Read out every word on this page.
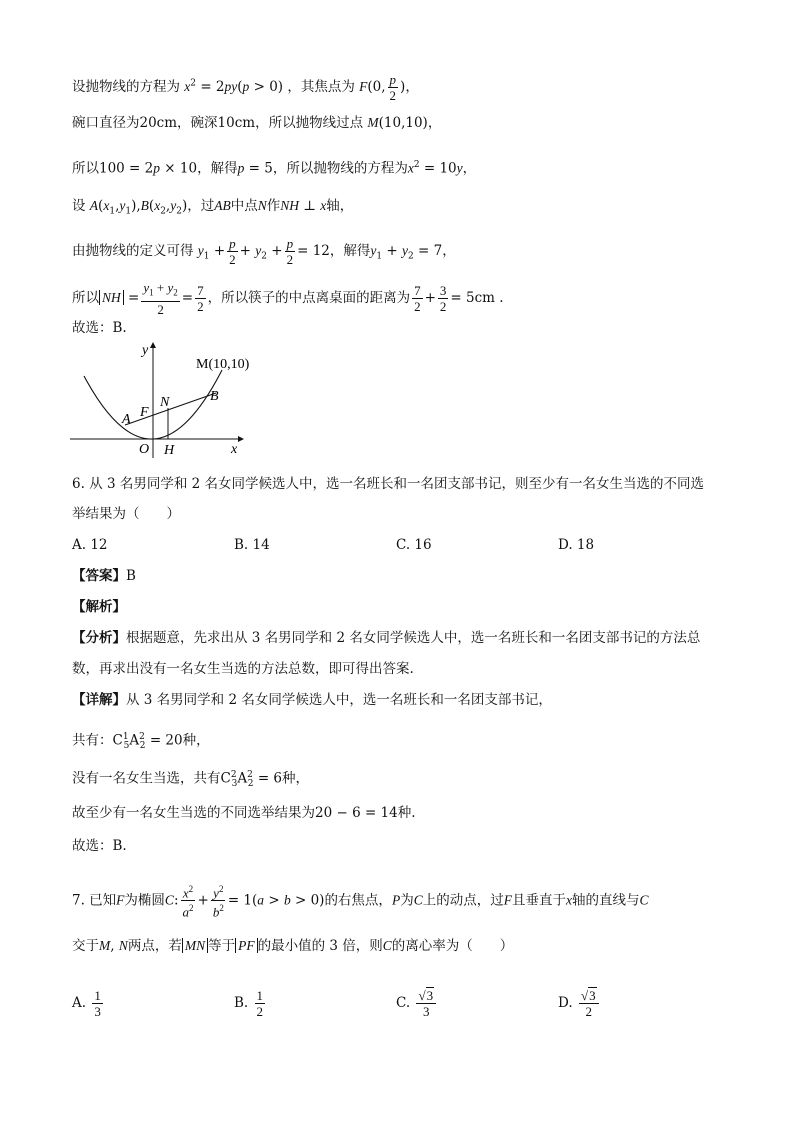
设抛物线的方程为 $x^2 = 2py(p > 0)$ ，其焦点为 F(0, $\frac{p}{2}$ )，
碗口直径为20cm，碗深10cm，所以抛物线过点 M(10,10)，
所以100 = 2p × 10，解得p = 5，所以抛物线的方程为$x^2 = 10y$，
设 $A(x_1,y_1),B(x_2,y_2)$，过AB中点N作NH ⊥ x轴，
由抛物线的定义可得 $y_1 + \frac{p}{2} + y_2 + \frac{p}{2} = 12$，解得$y_1 + y_2 = 7$，
所以 NH = $\frac{y_1 + y_2}{2} = \frac{7}{2}$ ，所以筷子的中点离桌面的距离为 $\frac{7}{2} + \frac{3}{2} = 5cm$ .
故选：B.
y
x
M(10,10)
A F
N	B
O H
6. 从 3 名男同学和 2 名女同学候选人中，选一名班长和一名团支部书记，则至少有一名女生当选的不同选
举结果为（　　）
A. 12	B. 14	C. 16	D. 18
【答案】B
【解析】
【分析】根据题意，先求出从 3 名男同学和 2 名女同学候选人中，选一名班长和一名团支部书记的方法总
数，再求出没有一名女生当选的方法总数，即可得出答案.
【详解】从 3 名男同学和 2 名女同学候选人中，选一名班长和一名团支部书记，
共有：$C^1_5A^2_2 = 20$种，
没有一名女生当选，共有$C^2_3A^2_2 = 6$种，
故至少有一名女生当选的不同选举结果为20 − 6 = 14种.
故选：B.
7. 已知F为椭圆C: $\frac{x^2}{a^2} + \frac{y^2}{b^2} = 1(a > b > 0)$的右焦点，P为C上的动点，过F且垂直于x轴的直线与C
交于M, N两点，若 MN 等于 PF 的最小值的 3 倍，则C的离心率为（　　）
A. $\frac{1}{3}$	B. $\frac{1}{2}$	C. $\frac{√3}{3}$	D. $\frac{√3}{2}$
